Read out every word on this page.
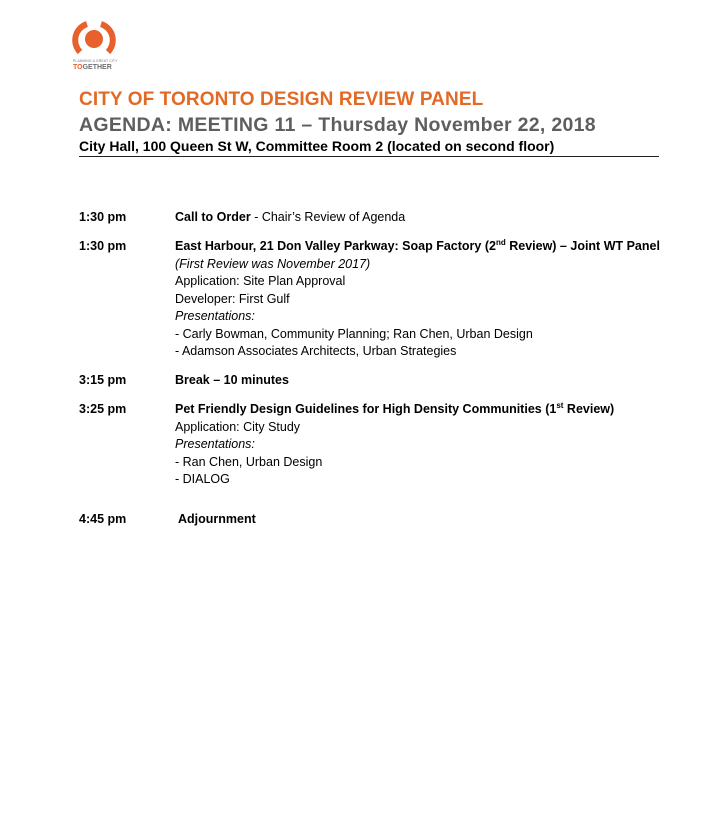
PLANNING A GREAT CITY
TOGETHER
CITY OF TORONTO DESIGN REVIEW PANEL
AGENDA: MEETING 11 – Thursday November 22, 2018
City Hall, 100 Queen St W, Committee Room 2 (located on second floor)
1:30 pm	Call to Order - Chair’s Review of Agenda
1:30 pm	East Harbour, 21 Don Valley Parkway: Soap Factory (2nd Review) – Joint WT Panel
(First Review was November 2017)
Application: Site Plan Approval
Developer: First Gulf
Presentations:
- Carly Bowman, Community Planning; Ran Chen, Urban Design
- Adamson Associates Architects, Urban Strategies
3:15 pm	Break – 10 minutes
3:25 pm	Pet Friendly Design Guidelines for High Density Communities (1st Review)
Application: City Study
Presentations:
- Ran Chen, Urban Design
- DIALOG
4:45 pm	Adjournment
